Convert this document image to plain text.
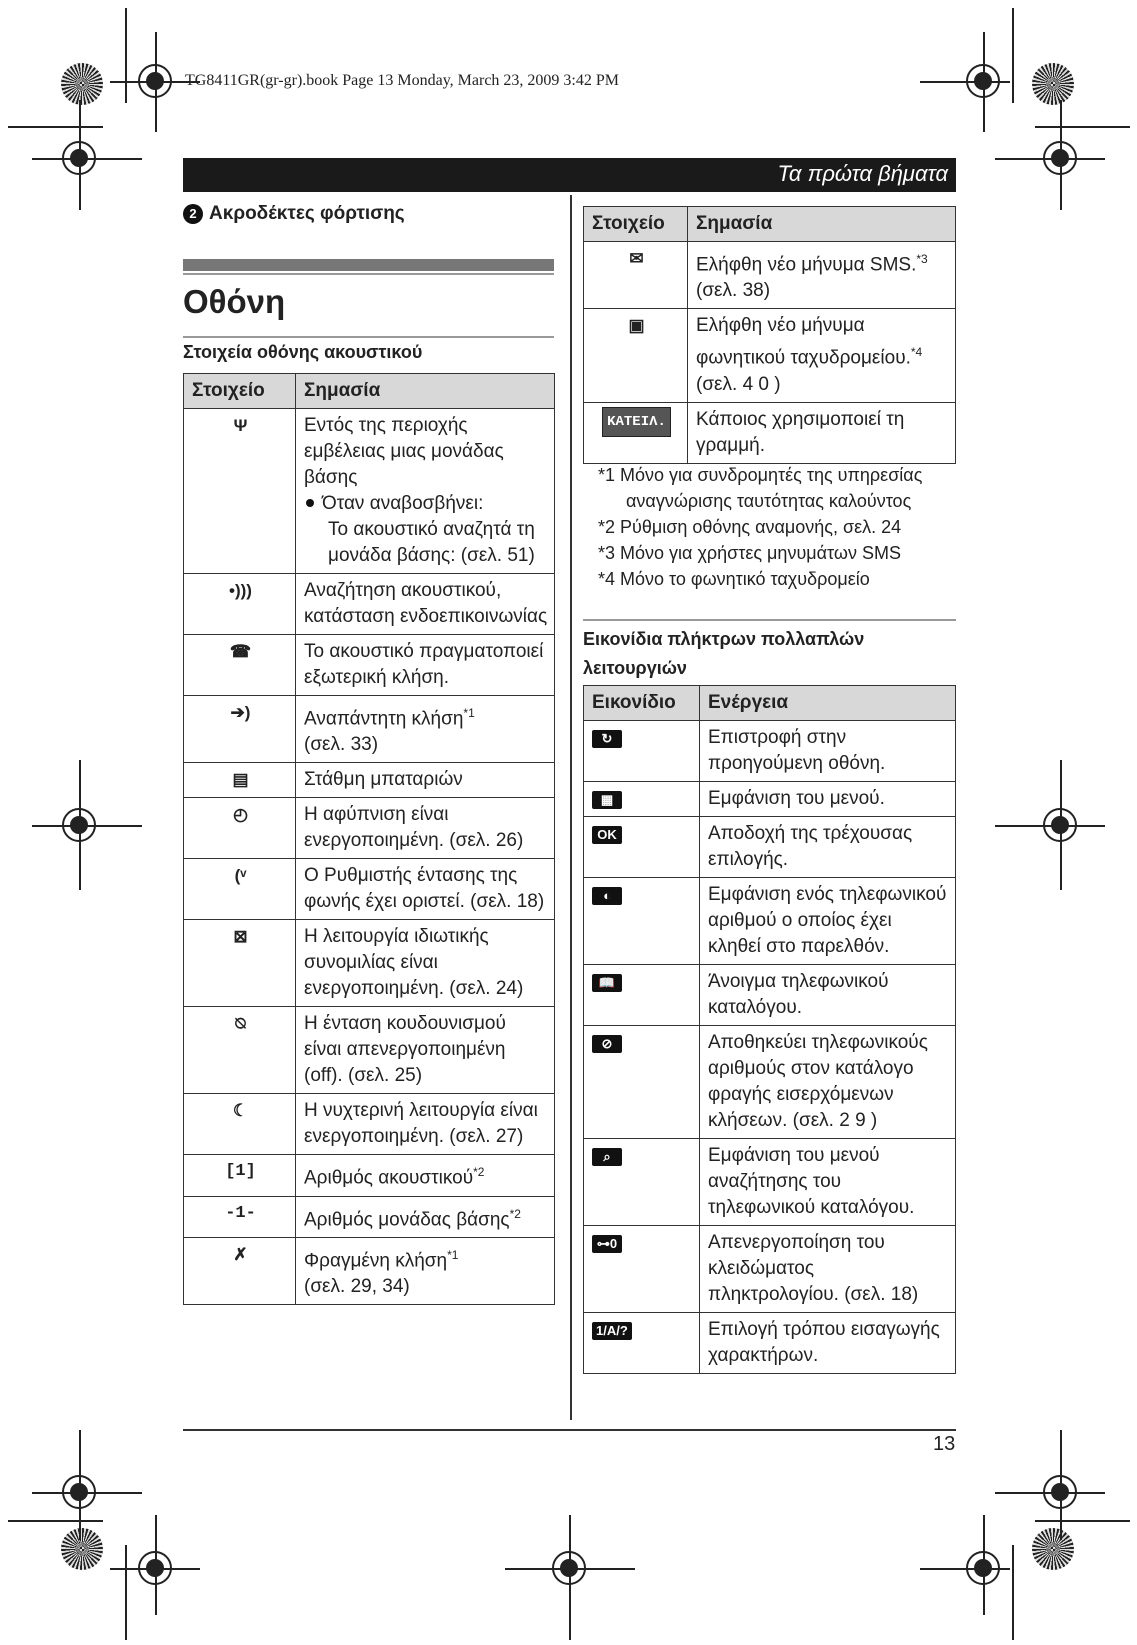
TG8411GR(gr-gr).book Page 13 Monday, March 23, 2009 3:42 PM
Τα πρώτα βήματα
2 Ακροδέκτες φόρτισης
Οθόνη
Στοιχεία οθόνης ακουστικού
Στοιχείο	Σημασία
Ψ	Εντός της περιοχής εμβέλειας μιας μονάδας βάσης
Όταν αναβοσβήνει:
Το ακουστικό αναζητά τη μονάδα βάσης: (σελ. 51)

•)))	Αναζήτηση ακουστικού, κατάσταση ενδοεπικοινωνίας
☎	Το ακουστικό πραγματοποιεί εξωτερική κλήση.
➔)	Αναπάντητη κλήση$^{*1}$
(σελ. 33)
▤	Στάθμη μπαταριών
◴	Η αφύπνιση είναι ενεργοποιημένη. (σελ. 26)
(ᵛ	Ο Ρυθμιστής έντασης της φωνής έχει οριστεί. (σελ. 18)
⊠	Η λειτουργία ιδιωτικής συνομιλίας είναι ενεργοποιημένη. (σελ. 24)
⍉	Η ένταση κουδουνισμού είναι απενεργοποιημένη (off). (σελ. 25)
☾	Η νυχτερινή λειτουργία είναι ενεργοποιημένη. (σελ. 27)
[1]	Αριθμός ακουστικού$^{*2}$
-1-	Αριθμός μονάδας βάσης$^{*2}$
✗	Φραγμένη κλήση$^{*1}$
(σελ. 29, 34)
Στοιχείο	Σημασία
✉	Ελήφθη νέο μήνυμα SMS.$^{*3}$ (σελ. 38)
▣	Ελήφθη νέο μήνυμα φωνητικού ταχυδρομείου.$^{*4}$ (σελ. 4 0 )
ΚΑΤΕΙΛ.	Κάποιος χρησιμοποιεί τη γραμμή.
*1 Μόνο για συνδρομητές της υπηρεσίας
αναγνώρισης ταυτότητας καλούντος
*2 Ρύθμιση οθόνης αναμονής, σελ. 24
*3 Μόνο για χρήστες μηνυμάτων SMS
*4 Μόνο το φωνητικό ταχυδρομείο
Εικονίδια πλήκτρων πολλαπλών
λειτουργιών
Εικονίδιο	Ενέργεια
↻	Επιστροφή στην προηγούμενη οθόνη.
▦	Εμφάνιση του μενού.
OK	Αποδοχή της τρέχουσας επιλογής.
◐	Εμφάνιση ενός τηλεφωνικού αριθμού ο οποίος έχει κληθεί στο παρελθόν.
📖	Άνοιγμα τηλεφωνικού καταλόγου.
⊘	Αποθηκεύει τηλεφωνικούς αριθμούς στον κατάλογο φραγής εισερχόμενων κλήσεων. (σελ. 2 9 )
⌕	Εμφάνιση του μενού αναζήτησης του τηλεφωνικού καταλόγου.
⊶0	Απενεργοποίηση του κλειδώματος πληκτρολογίου. (σελ. 18)
1/A/?	Επιλογή τρόπου εισαγωγής χαρακτήρων.
13
